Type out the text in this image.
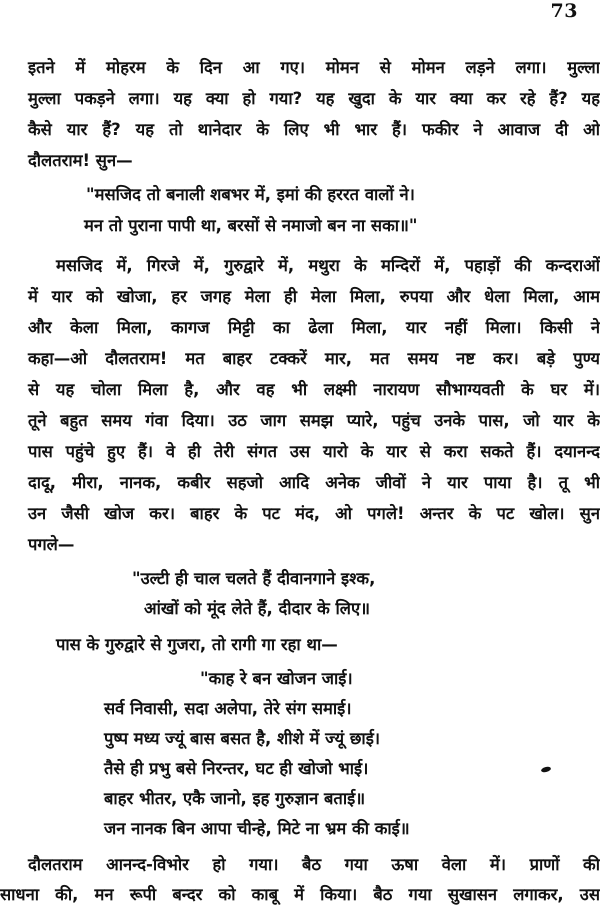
73
इतने में मोहरम के दिन आ गए। मोमन से मोमन लड़ने लगा। मुल्ला
मुल्ला पकड़ने लगा। यह क्या हो गया? यह खुदा के यार क्या कर रहे हैं? यह
कैसे यार हैं? यह तो थानेदार के लिए भी भार हैं। फकीर ने आवाज दी ओ
दौलतराम! सुन—
"मसजिद तो बनाली शबभर में, इमां की हररत वालों ने।
मन तो पुराना पापी था, बरसों से नमाजो बन ना सका॥"
मसजिद में, गिरजे में, गुरुद्वारे में, मथुरा के मन्दिरों में, पहाड़ों की कन्दराओं
में यार को खोजा, हर जगह मेला ही मेला मिला, रुपया और धेला मिला, आम
और केला मिला, कागज मिट्टी का ढेला मिला, यार नहीं मिला। किसी ने
कहा—ओ दौलतराम! मत बाहर टक्करें मार, मत समय नष्ट कर। बड़े पुण्य
से यह चोला मिला है, और वह भी लक्ष्मी नारायण सौभाग्यवती के घर में।
तूने बहुत समय गंवा दिया। उठ जाग समझ प्यारे, पहुंच उनके पास, जो यार के
पास पहुंचे हुए हैं। वे ही तेरी संगत उस यारो के यार से करा सकते हैं। दयानन्द
दादू, मीरा, नानक, कबीर सहजो आदि अनेक जीवों ने यार पाया है। तू भी
उन जैसी खोज कर। बाहर के पट मंद, ओ पगले! अन्तर के पट खोल। सुन
पगले—
"उल्टी ही चाल चलते हैं दीवानगाने इश्क,
आंखों को मूंद लेते हैं, दीदार के लिए॥
पास के गुरुद्वारे से गुजरा, तो रागी गा रहा था—
"काह रे बन खोजन जाई।
सर्व निवासी, सदा अलेपा, तेरे संग समाई।
पुष्प मध्य ज्यूं बास बसत है, शीशे में ज्यूं छाई।
तैसे ही प्रभु बसे निरन्तर, घट ही खोजो भाई।
बाहर भीतर, एकै जानो, इह गुरुज्ञान बताई॥
जन नानक बिन आपा चीन्हे, मिटे ना भ्रम की काई॥
दौलतराम आनन्द-विभोर हो गया। बैठ गया ऊषा वेला में। प्राणों की
साधना की, मन रूपी बन्दर को काबू में किया। बैठ गया सुखासन लगाकर, उस
